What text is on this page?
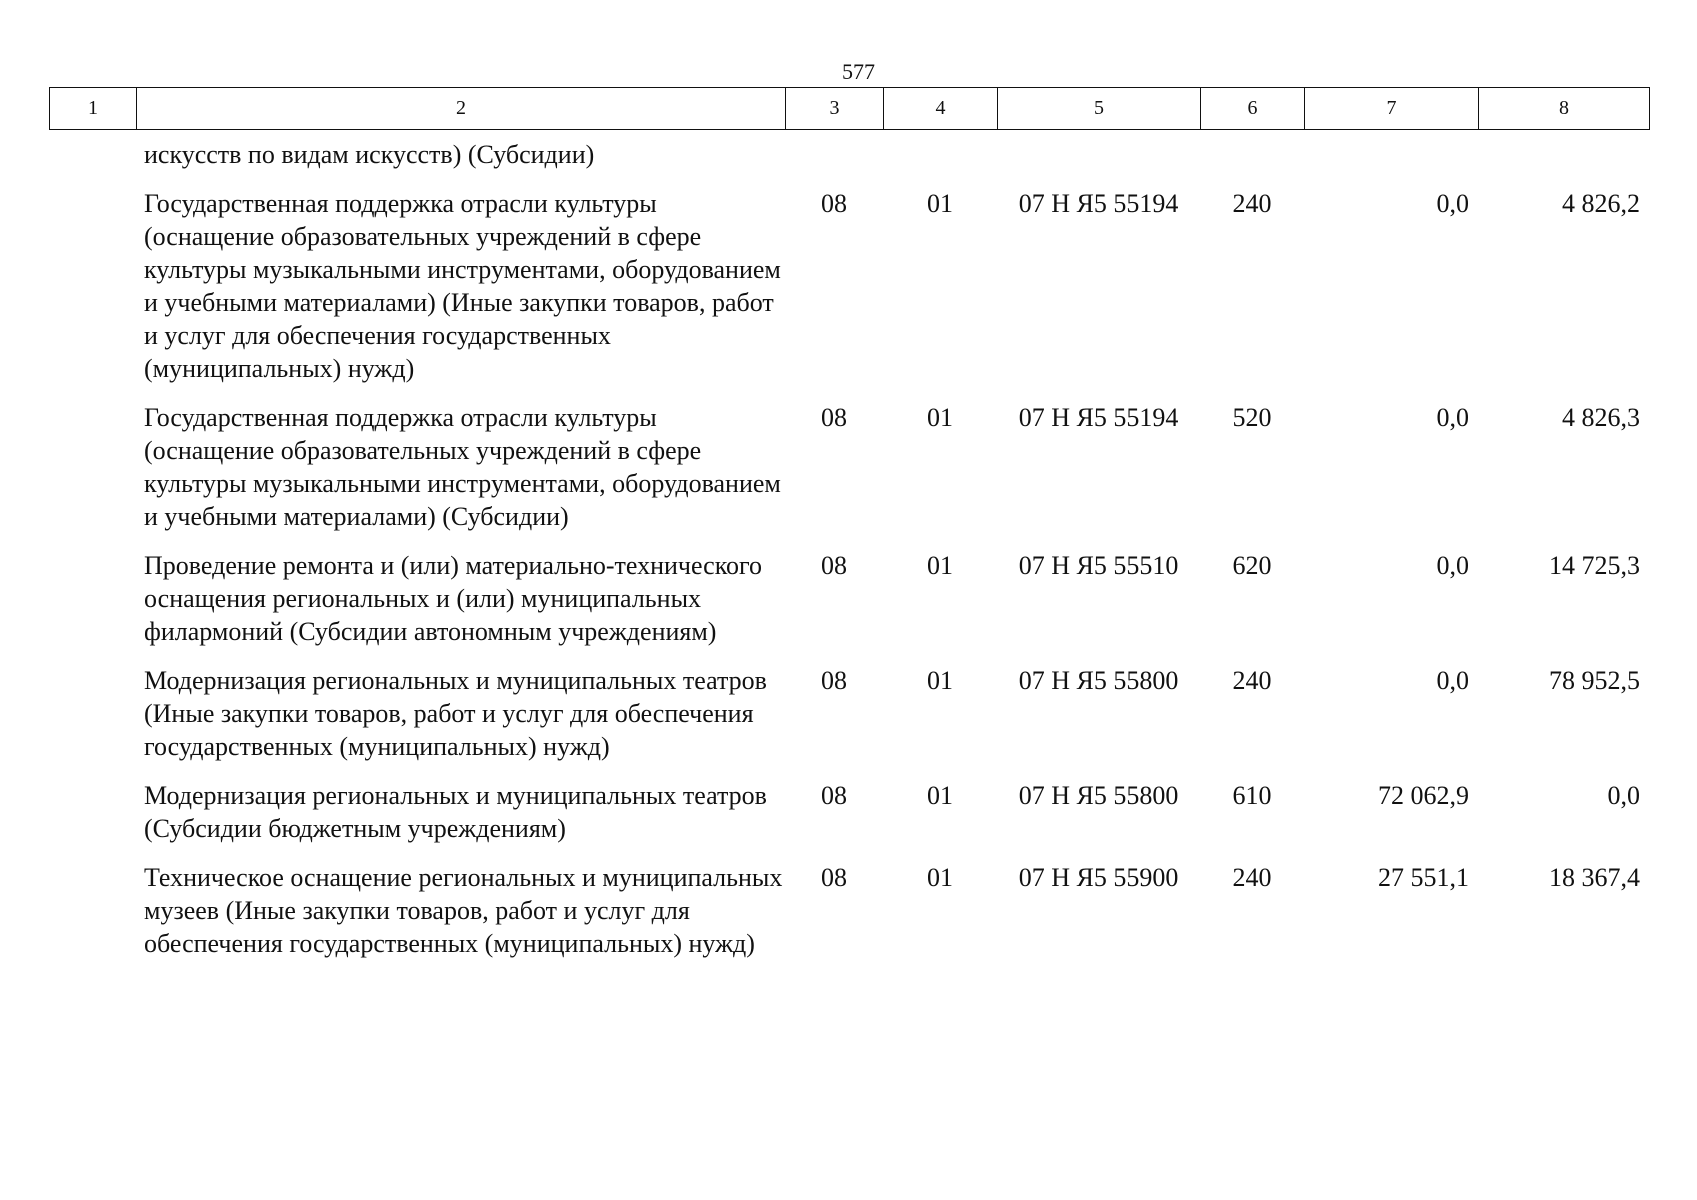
577
1	2	3	4	5	6	7	8
искусств по видам искусств) (Субсидии)						
Государственная поддержка отрасли культуры (оснащение образовательных учреждений в сфере культуры музыкальными инструментами, оборудованием и учебными материалами) (Иные закупки товаров, работ и услуг для обеспечения государственных (муниципальных) нужд)	08	01	07 Н Я5 55194	240	0,0	4 826,2
Государственная поддержка отрасли культуры (оснащение образовательных учреждений в сфере культуры музыкальными инструментами, оборудованием и учебными материалами) (Субсидии)	08	01	07 Н Я5 55194	520	0,0	4 826,3
Проведение ремонта и (или) материально-технического оснащения региональных и (или) муниципальных филармоний (Субсидии автономным учреждениям)	08	01	07 Н Я5 55510	620	0,0	14 725,3
Модернизация региональных и муниципальных театров (Иные закупки товаров, работ и услуг для обеспечения государственных (муниципальных) нужд)	08	01	07 Н Я5 55800	240	0,0	78 952,5
Модернизация региональных и муниципальных театров (Субсидии бюджетным учреждениям)	08	01	07 Н Я5 55800	610	72 062,9	0,0
Техническое оснащение региональных и муниципальных музеев (Иные закупки товаров, работ и услуг для обеспечения государственных (муниципальных) нужд)	08	01	07 Н Я5 55900	240	27 551,1	18 367,4
